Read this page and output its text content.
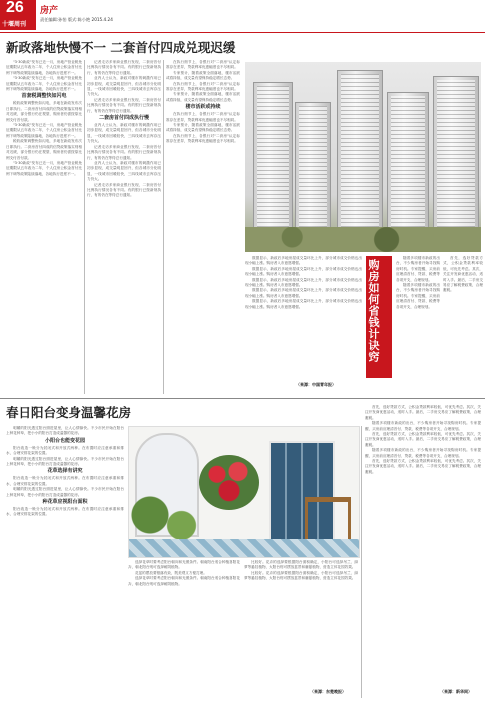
26
十堰周刊
房产
责任编辑:孙怡 版式:陈小艳 2015.4.24
新政落地快慢不一 二套首付四成兑现迟缓

"3·30新政"发布已近一月，房地产营业税免征期限从五年改为二年，个人住房公积金首付比例下调等政策陆续落地，各地执行进度不一。

"3·30新政"发布已近一月，房地产营业税免征期限从五年改为二年，个人住房公积金首付比例下调等政策陆续落地，各地执行进度不一。

首套税调整快如闪电

税收政策调整快如闪电，多地在新政发布次日即执行。二套房首付四成的信贷政策落实则相对迟缓，部分银行仍在观望，购房者仍需按原比例支付首付款。

"3·30新政"发布已近一月，房地产营业税免征期限从五年改为二年，个人住房公积金首付比例下调等政策陆续落地，各地执行进度不一。

税收政策调整快如闪电，多地在新政发布次日即执行。二套房首付四成的信贷政策落实则相对迟缓，部分银行仍在观望，购房者仍需按原比例支付首付款。

"3·30新政"发布已近一月，房地产营业税免征期限从五年改为二年，个人住房公积金首付比例下调等政策陆续落地，各地执行进度不一。

记者走访多家商业银行发现，二套房首付比例执行情况各有不同。有的银行已按新规执行，有的仍在等待总行通知。

业内人士认为，新政对楼市的刺激作用已初步显现，成交量明显回升，但各城市分化明显，一线城市回暖较快，三四线城市去库存压力仍大。

记者走访多家商业银行发现，二套房首付比例执行情况各有不同。有的银行已按新规执行，有的仍在等待总行通知。

二套房首付四成执行慢

业内人士认为，新政对楼市的刺激作用已初步显现，成交量明显回升，但各城市分化明显，一线城市回暖较快，三四线城市去库存压力仍大。

记者走访多家商业银行发现，二套房首付比例执行情况各有不同。有的银行已按新规执行，有的仍在等待总行通知。

业内人士认为，新政对楼市的刺激作用已初步显现，成交量明显回升，但各城市分化明显，一线城市回暖较快，三四线城市去库存压力仍大。

记者走访多家商业银行发现，二套房首付比例执行情况各有不同。有的银行已按新规执行，有的仍在等待总行通知。

在执行细节上，各银行对"二套房"认定标准存在差异，贷款利率优惠幅度也不尽相同。

专家预计，随着政策全面落地，楼市活跃或将持续，成交量有望保持稳定增长态势。

在执行细节上，各银行对"二套房"认定标准存在差异，贷款利率优惠幅度也不尽相同。

专家预计，随着政策全面落地，楼市活跃或将持续，成交量有望保持稳定增长态势。

楼市活跃或持续

在执行细节上，各银行对"二套房"认定标准存在差异，贷款利率优惠幅度也不尽相同。

专家预计，随着政策全面落地，楼市活跃或将持续，成交量有望保持稳定增长态势。

在执行细节上，各银行对"二套房"认定标准存在差异，贷款利率优惠幅度也不尽相同。

数据显示，新政后多地房屋成交量环比上升，部分城市成交价格也出现小幅上涨。购房者入市意愿增强。

数据显示，新政后多地房屋成交量环比上升，部分城市成交价格也出现小幅上涨。购房者入市意愿增强。

数据显示，新政后多地房屋成交量环比上升，部分城市成交价格也出现小幅上涨。购房者入市意愿增强。

数据显示，新政后多地房屋成交量环比上升，部分城市成交价格也出现小幅上涨。购房者入市意愿增强。

数据显示，新政后多地房屋成交量环比上升，部分城市成交价格也出现小幅上涨。购房者入市意愿增强。

（来源：中国青年报）
购房如何省钱计诀窍

随着多项楼市新政的出台，不少购房者开始寻找购房时机。专家提醒，买房前应理清首付、贷款、税费等各项开支，合理规划。

随着多项楼市新政的出台，不少购房者开始寻找购房时机。专家提醒，买房前应理清首付、贷款、税费等各项开支，合理规划。

首先，选好贷款方式，公积金贷款利率较低，可优先考虑。其次，关注开发商优惠活动，适时入手。最后，二手房交易应了解税费政策，合理避税。

春日阳台变身温馨花房

明媚的阳光透过阳台照进屋里，让人心情愉快。不少市民开始在阳台上种花种草，把小小的阳台打造成温馨的花房。

小阳台也能变花园

阳台改造一般分为封闭式和开放式两种。在布置时应注意承重和排水，合理安排花架的位置。

明媚的阳光透过阳台照进屋里，让人心情愉快。不少市民开始在阳台上种花种草，把小小的阳台打造成温馨的花房。

花草选择有讲究

阳台改造一般分为封闭式和开放式两种。在布置时应注意承重和排水，合理安排花架的位置。

明媚的阳光透过阳台照进屋里，让人心情愉快。不少市民开始在阳台上种花种草，把小小的阳台打造成温馨的花房。

种花草应视阳台面积

阳台改造一般分为封闭式和开放式两种。在布置时应注意承重和排水，合理安排花架的位置。

选择花草时要考虑阳台朝向和光照条件。朝南阳台适合种植喜阳花卉，朝北阳台则可选择耐阴植物。

花盆的摆放要错落有致，既美观又方便打理。

选择花草时要考虑阳台朝向和光照条件。朝南阳台适合种植喜阳花卉，朝北阳台则可选择耐阴植物。

比较好。花卉的选择要根据阳台面积确定，小阳台可选择吊兰、绿萝等悬挂植物，大阳台则可摆放盆景和藤蔓植物，营造立体花园效果。

比较好。花卉的选择要根据阳台面积确定，小阳台可选择吊兰、绿萝等悬挂植物，大阳台则可摆放盆景和藤蔓植物，营造立体花园效果。

（来源：东楚晚报）

首先，选好贷款方式，公积金贷款利率较低，可优先考虑。其次，关注开发商优惠活动，适时入手。最后，二手房交易应了解税费政策，合理避税。

随着多项楼市新政的出台，不少购房者开始寻找购房时机。专家提醒，买房前应理清首付、贷款、税费等各项开支，合理规划。

首先，选好贷款方式，公积金贷款利率较低，可优先考虑。其次，关注开发商优惠活动，适时入手。最后，二手房交易应了解税费政策，合理避税。

随着多项楼市新政的出台，不少购房者开始寻找购房时机。专家提醒，买房前应理清首付、贷款、税费等各项开支，合理规划。

首先，选好贷款方式，公积金贷款利率较低，可优先考虑。其次，关注开发商优惠活动，适时入手。最后，二手房交易应了解税费政策，合理避税。

（来源：新华网）
